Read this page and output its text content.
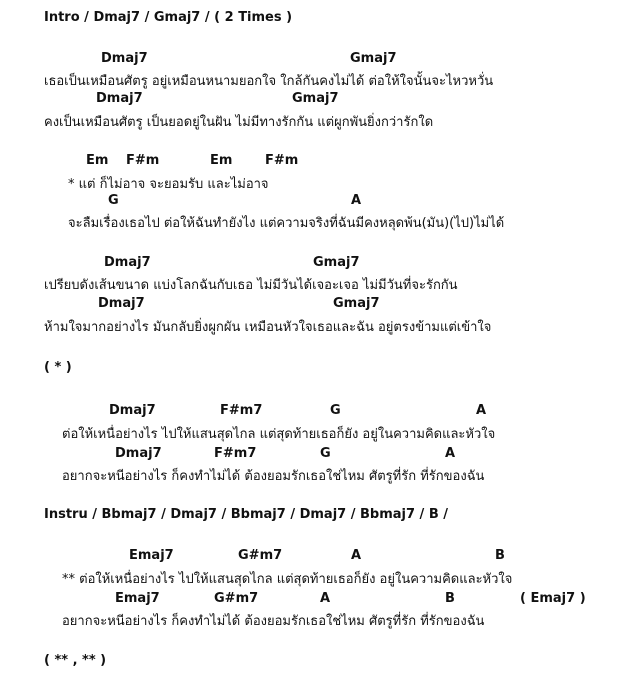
Intro / Dmaj7 / Gmaj7 / ( 2 Times )
Dmaj7	Gmaj7
เธอเป็นเหมือนศัตรู อยู่เหมือนหนามยอกใจ ใกล้กันคงไม่ได้ ต่อให้ใจนั้นจะไหวหวั่น
Dmaj7	Gmaj7
คงเป็นเหมือนศัตรู เป็นยอดยู่ในฝัน ไม่มีทางรักกัน แต่ผูกพันยิ่งกว่ารักใด
Em F#m	Em	F#m
* แต่ ก็ไม่อาจ จะยอมรับ และไม่อาจ
G	A
จะลืมเรื่องเธอไป ต่อให้ฉันทำยังไง แต่ความจริงที่ฉันมีคงหลุดพ้น(มัน)(ไป)ไม่ได้
Dmaj7	Gmaj7
เปรียบดังเส้นขนาด แบ่งโลกฉันกับเธอ ไม่มีวันได้เจอะเจอ ไม่มีวันที่จะรักกัน
Dmaj7	Gmaj7
ห้ามใจมากอย่างไร มันกลับยิ่งผูกผัน เหมือนหัวใจเธอและฉัน อยู่ตรงข้ามแต่เข้าใจ
( * )
Dmaj7	F#m7	G	A
ต่อให้เหนื่อย่างไร ไปให้แสนสุดไกล แต่สุดท้ายเธอก็ยัง อยู่ในความคิดและหัวใจ
Dmaj7	F#m7	G	A
อยากจะหนีอย่างไร ก็คงทำไม่ได้ ต้องยอมรักเธอใช่ไหม ศัตรูที่รัก ที่รักของฉัน
Instru / Bbmaj7 / Dmaj7 / Bbmaj7 / Dmaj7 / Bbmaj7 / B /
Emaj7	G#m7	A	B
** ต่อให้เหนื่อย่างไร ไปให้แสนสุดไกล แต่สุดท้ายเธอก็ยัง อยู่ในความคิดและหัวใจ
Emaj7	G#m7	A	B	( Emaj7 )
อยากจะหนีอย่างไร ก็คงทำไม่ได้ ต้องยอมรักเธอใช่ไหม ศัตรูที่รัก ที่รักของฉัน
( ** , ** )
